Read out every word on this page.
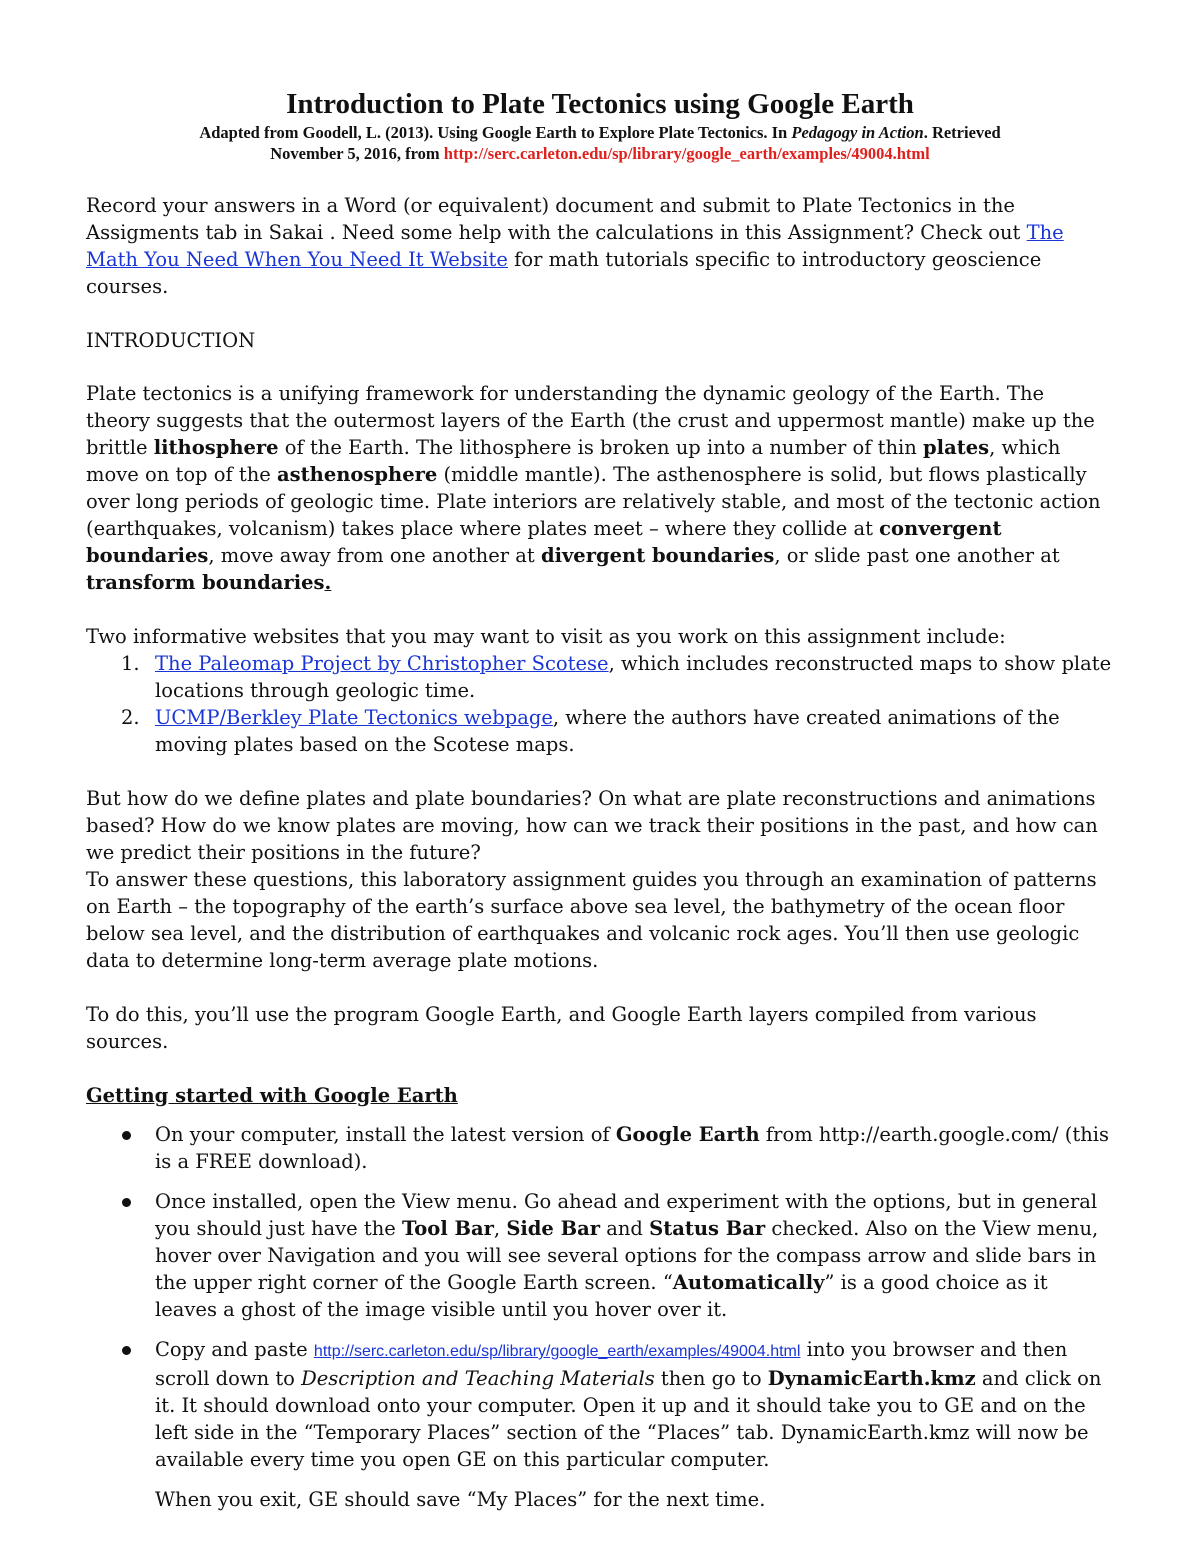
Introduction to Plate Tectonics using Google Earth
Adapted from Goodell, L. (2013). Using Google Earth to Explore Plate Tectonics. In Pedagogy in Action. Retrieved
November 5, 2016, from http://serc.carleton.edu/sp/library/google_earth/examples/49004.html

Record your answers in a Word (or equivalent) document and submit to Plate Tectonics in the Assigments tab in Sakai . Need some help with the calculations in this Assignment? Check out The Math You Need When You Need It Website for math tutorials specific to introductory geoscience courses.

INTRODUCTION

Plate tectonics is a unifying framework for understanding the dynamic geology of the Earth. The theory suggests that the outermost layers of the Earth (the crust and uppermost mantle) make up the brittle lithosphere of the Earth. The lithosphere is broken up into a number of thin plates, which move on top of the asthenosphere (middle mantle). The asthenosphere is solid, but flows plastically over long periods of geologic time. Plate interiors are relatively stable, and most of the tectonic action (earthquakes, volcanism) takes place where plates meet – where they collide at convergent boundaries, move away from one another at divergent boundaries, or slide past one another at transform boundaries.

Two informative websites that you may want to visit as you work on this assignment include:

1. The Paleomap Project by Christopher Scotese, which includes reconstructed maps to show plate locations through geologic time.
2. UCMP/Berkley Plate Tectonics webpage, where the authors have created animations of the moving plates based on the Scotese maps.

But how do we define plates and plate boundaries? On what are plate reconstructions and animations based? How do we know plates are moving, how can we track their positions in the past, and how can we predict their positions in the future?

To answer these questions, this laboratory assignment guides you through an examination of patterns on Earth – the topography of the earth’s surface above sea level, the bathymetry of the ocean floor below sea level, and the distribution of earthquakes and volcanic rock ages. You’ll then use geologic data to determine long-term average plate motions.

To do this, you’ll use the program Google Earth, and Google Earth layers compiled from various sources.

Getting started with Google Earth

On your computer, install the latest version of Google Earth from http://earth.google.com/ (this is a FREE download).
Once installed, open the View menu. Go ahead and experiment with the options, but in general you should just have the Tool Bar, Side Bar and Status Bar checked. Also on the View menu, hover over Navigation and you will see several options for the compass arrow and slide bars in the upper right corner of the Google Earth screen. “Automatically” is a good choice as it leaves a ghost of the image visible until you hover over it.
Copy and paste http://serc.carleton.edu/sp/library/google_earth/examples/49004.html into you browser and then scroll down to Description and Teaching Materials then go to DynamicEarth.kmz and click on it. It should download onto your computer. Open it up and it should take you to GE and on the left side in the “Temporary Places” section of the “Places” tab. DynamicEarth.kmz will now be available every time you open GE on this particular computer.
When you exit, GE should save “My Places” for the next time.
